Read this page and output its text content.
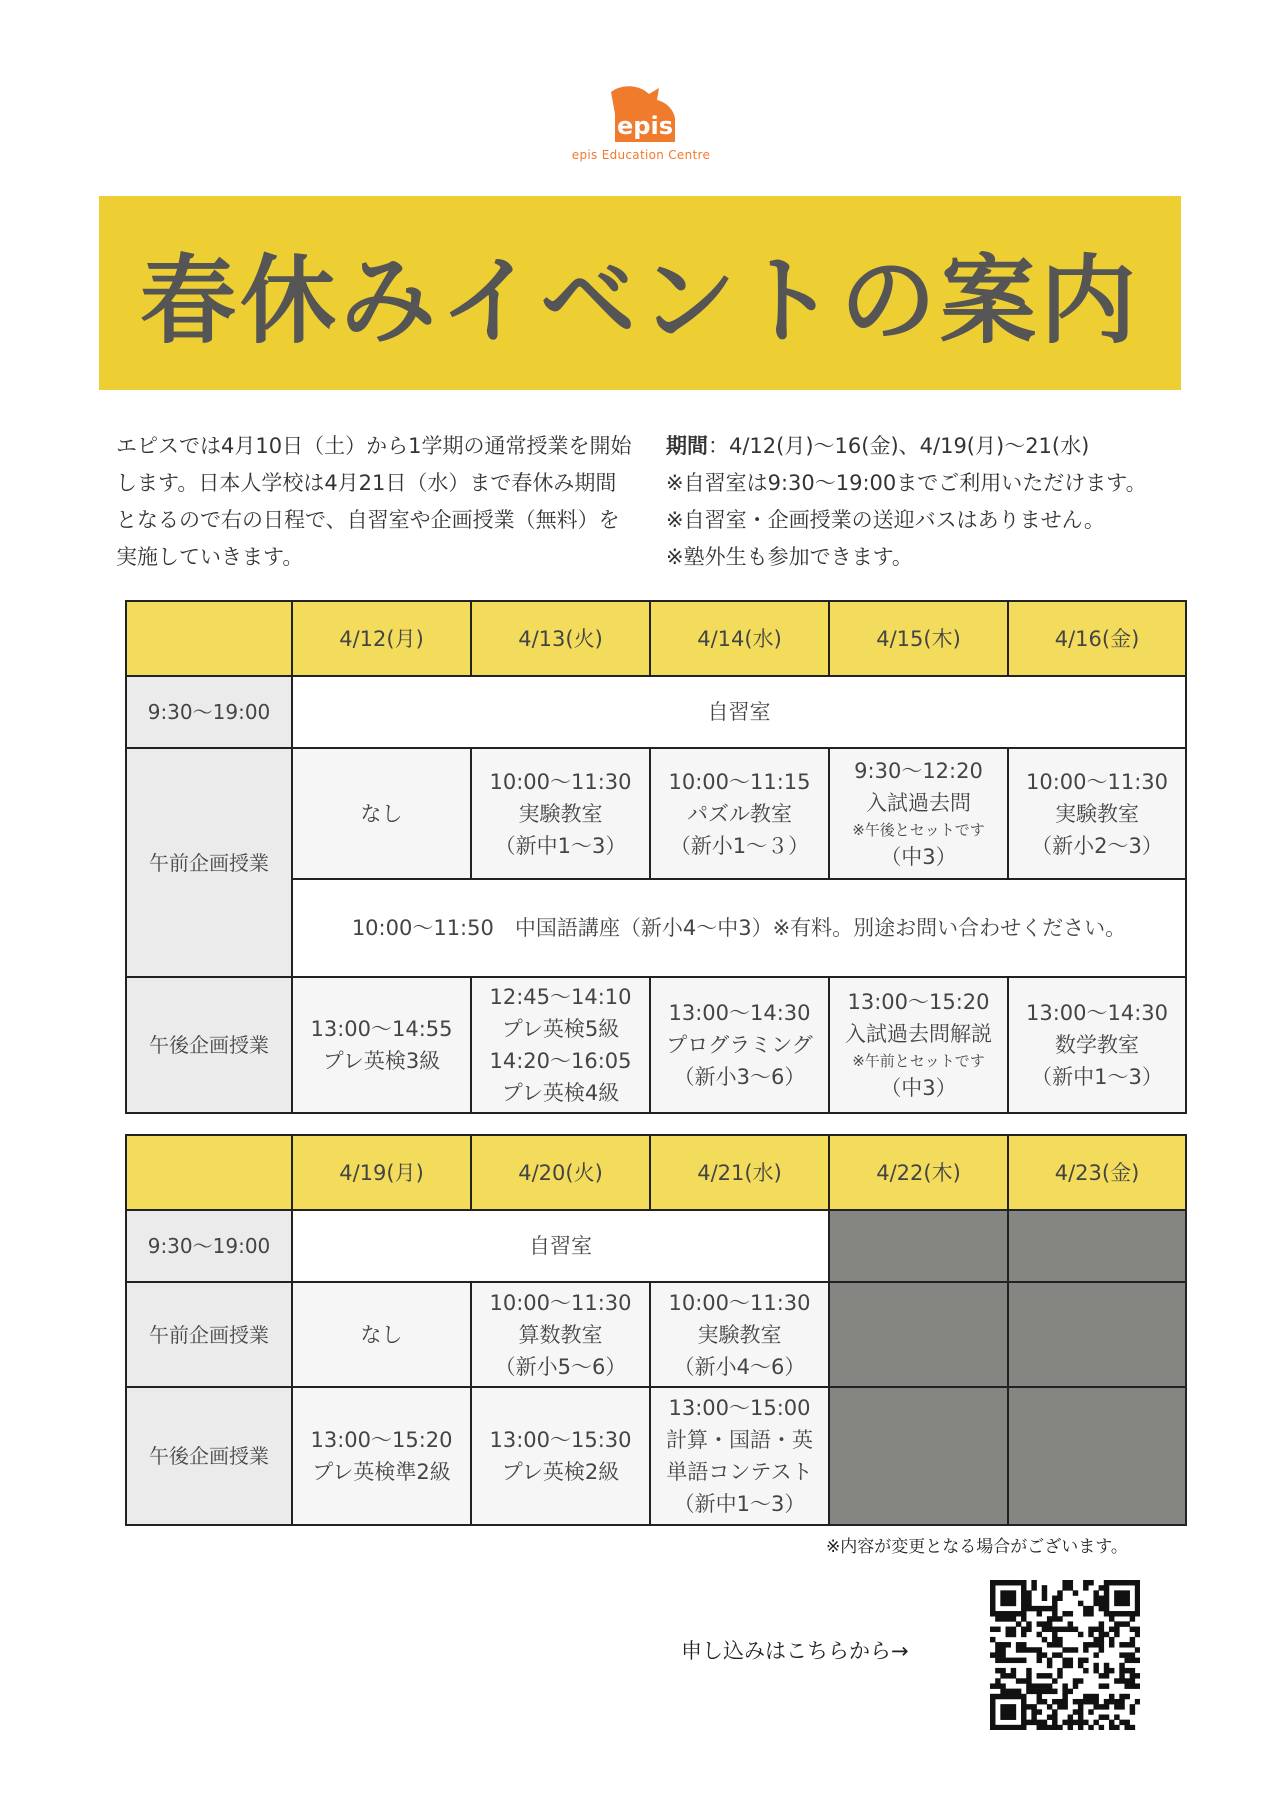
epis
epis Education Centre
春休みイベントの案内
エピスでは4月10日（土）から1学期の通常授業を開始します。日本人学校は4月21日（水）まで春休み期間となるので右の日程で、自習室や企画授業（無料）を実施していきます。
期間：4/12(月)〜16(金)、4/19(月)〜21(水)
※自習室は9:30〜19:00までご利用いただけます。
※自習室・企画授業の送迎バスはありません。
※塾外生も参加できます。
	4/12(月)	4/13(火)	4/14(水)	4/15(木)	4/16(金)
9:30〜19:00	自習室				
午前企画授業	なし	10:00〜11:30
実験教室
（新中1〜3）	10:00〜11:15
パズル教室
（新小1〜３）	9:30〜12:20
入試過去問
※午後とセットです
（中3）	10:00〜11:30
実験教室
（新小2〜3）

	10:00〜11:50　中国語講座（新小4〜中3）※有料。別途お問い合わせください。				
午後企画授業	13:00〜14:55
プレ英検3級	12:45〜14:10
プレ英検5級
14:20〜16:05
プレ英検4級	13:00〜14:30
プログラミング
（新小3〜6）	13:00〜15:20
入試過去問解説
※午前とセットです
（中3）	13:00〜14:30
数学教室
（新中1〜3）
	4/19(月)	4/20(火)	4/21(水)	4/22(木)	4/23(金)
9:30〜19:00	自習室				
午前企画授業	なし	10:00〜11:30
算数教室
（新小5〜6）	10:00〜11:30
実験教室
（新小4〜6）		

午後企画授業	13:00〜15:20
プレ英検準2級	13:00〜15:30
プレ英検2級	13:00〜15:00
計算・国語・英
単語コンテスト
（新中1〜3）		

※内容が変更となる場合がございます。
申し込みはこちらから→
